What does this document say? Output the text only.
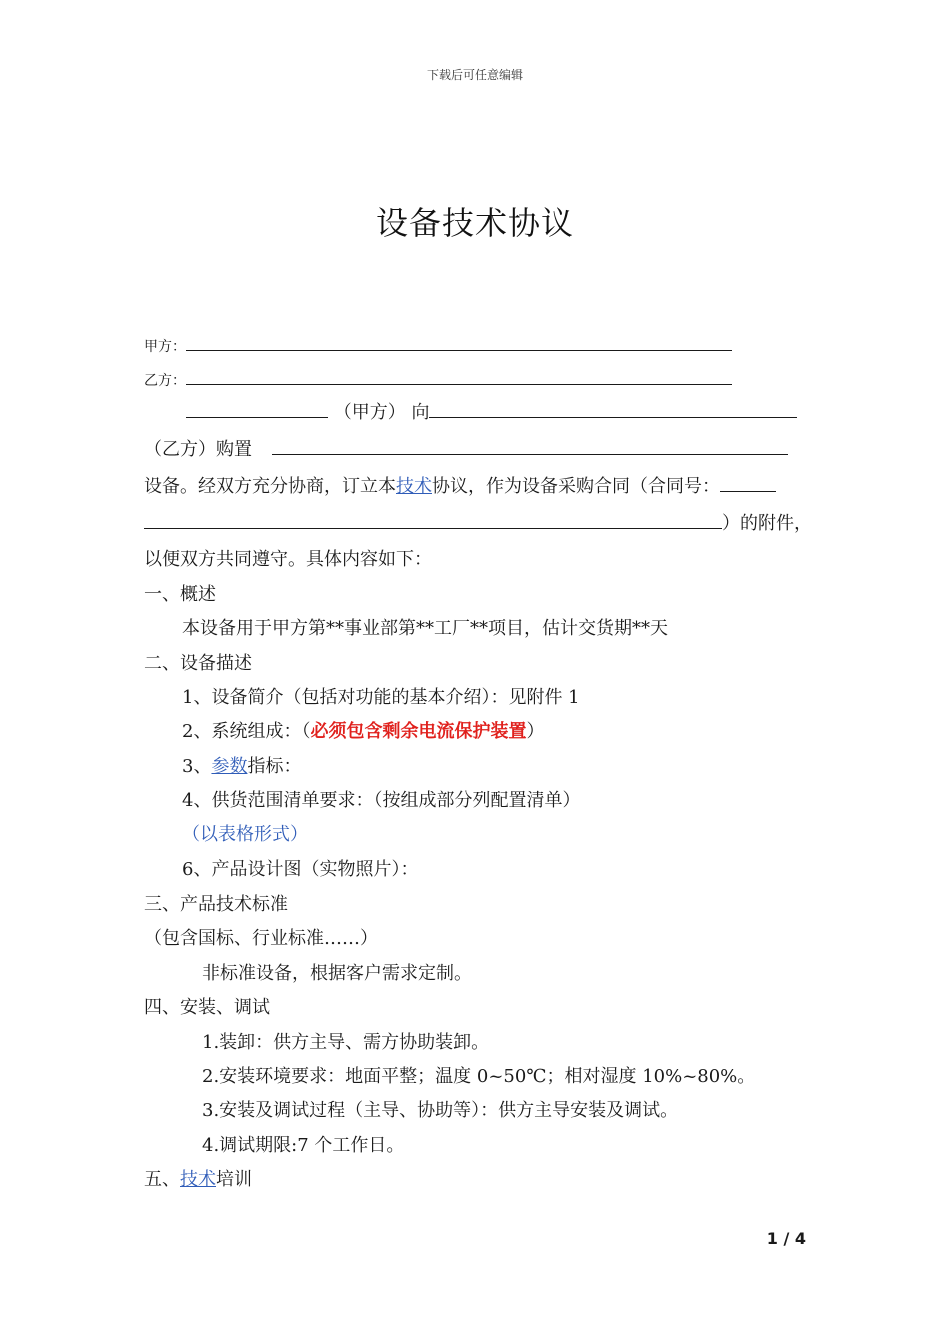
下载后可任意编辑
设备技术协议
甲方：
乙方：
（甲方） 向
（乙方）购置
设备。经双方充分协商，订立本技术协议，作为设备采购合同（合同号：
）的附件，
以便双方共同遵守。具体内容如下：
一、概述
本设备用于甲方第**事业部第**工厂**项目，估计交货期**天
二、设备描述
1、设备简介（包括对功能的基本介绍）：见附件 1
2、系统组成：（必须包含剩余电流保护装置）
3、参数指标：
4、供货范围清单要求：（按组成部分列配置清单）
（以表格形式）
6、产品设计图（实物照片）：
三、产品技术标准
（包含国标、行业标准……）
非标准设备，根据客户需求定制。
四、安装、调试
1.装卸：供方主导、需方协助装卸。
2.安装环境要求：地面平整；温度 0~50℃；相对湿度 10%~80%。
3.安装及调试过程（主导、协助等）：供方主导安装及调试。
4.调试期限:7 个工作日。
五、技术培训
1 / 4
